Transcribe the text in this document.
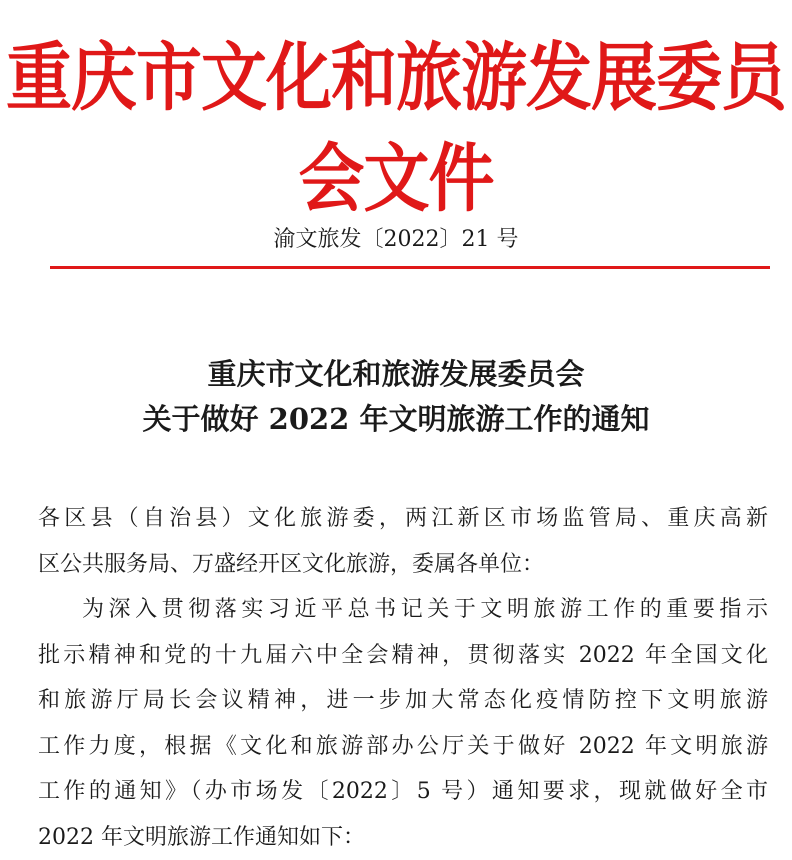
重庆市文化和旅游发展委员会文件
渝文旅发〔2022〕21 号
重庆市文化和旅游发展委员会
关于做好 2022 年文明旅游工作的通知

各区县（自治县）文化旅游委，两江新区市场监管局、重庆高新

区公共服务局、万盛经开区文化旅游，委属各单位：

为深入贯彻落实习近平总书记关于文明旅游工作的重要指示

批示精神和党的十九届六中全会精神，贯彻落实 2022 年全国文化

和旅游厅局长会议精神，进一步加大常态化疫情防控下文明旅游

工作力度，根据《文化和旅游部办公厅关于做好 2022 年文明旅游

工作的通知》（办市场发〔2022〕5 号）通知要求，现就做好全市

2022 年文明旅游工作通知如下：
